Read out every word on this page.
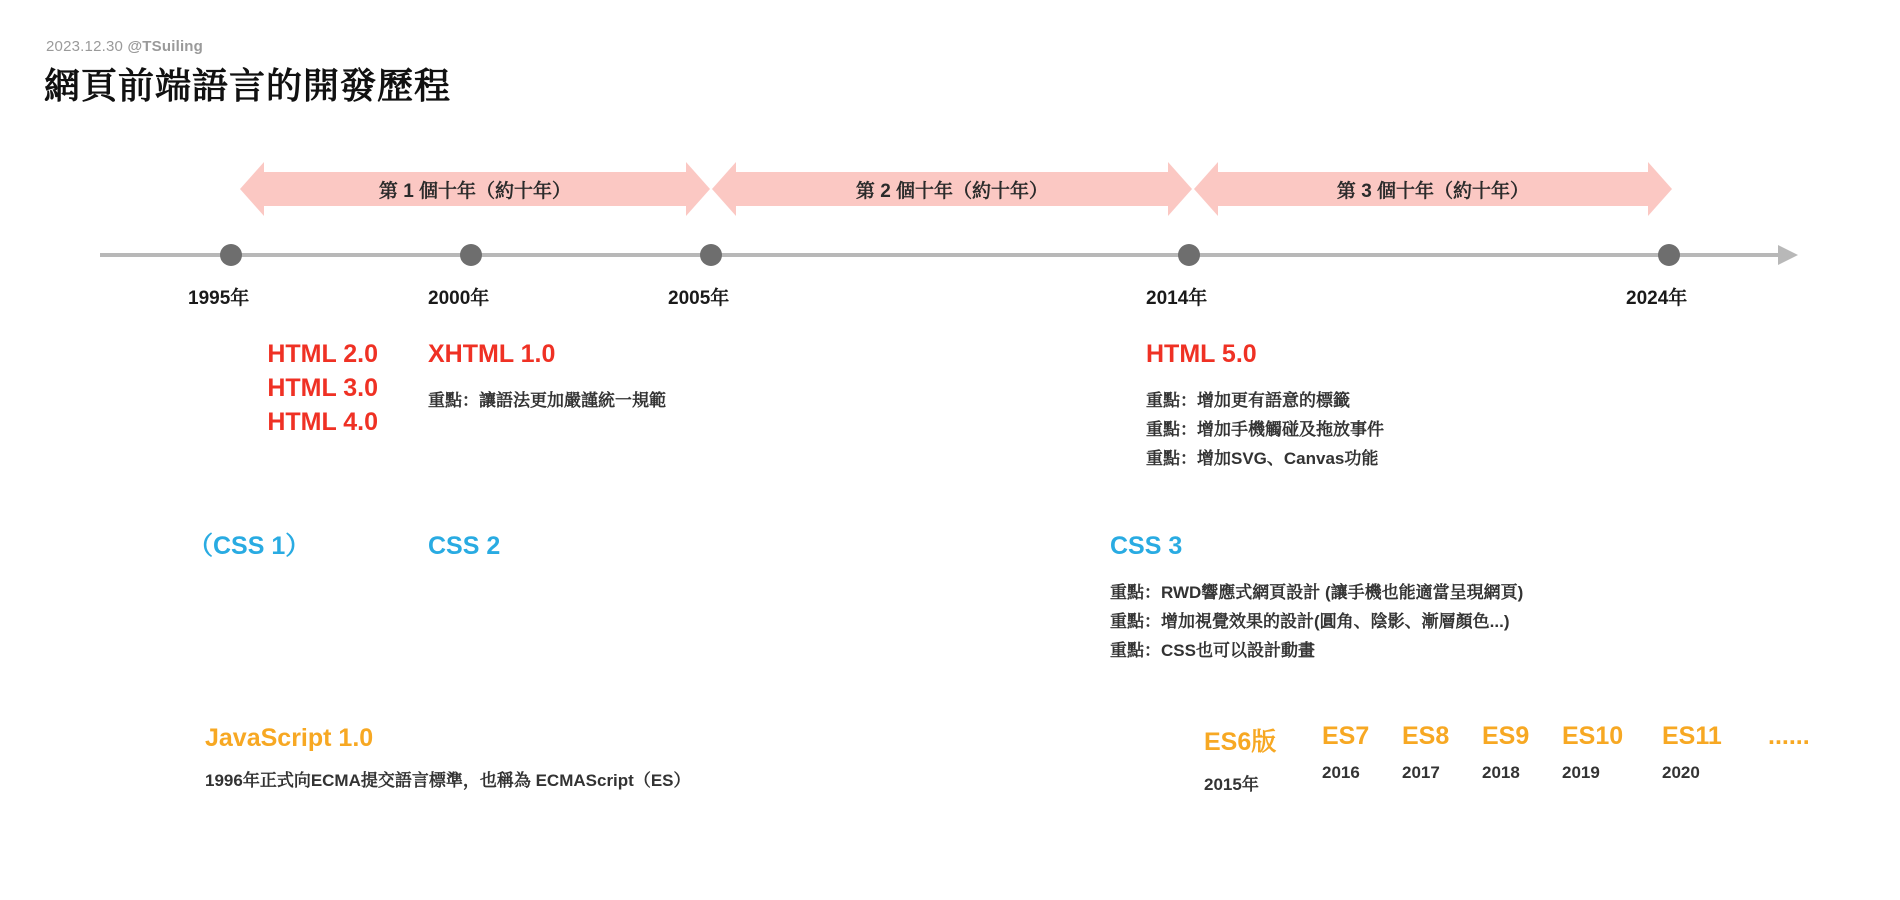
2023.12.30 @TSuiling
網頁前端語言的開發歷程
第 1 個十年（約十年）	第 2 個十年（約十年）	第 3 個十年（約十年）
1995年	2000年	2005年	2014年	2024年
HTML 2.0
HTML 3.0
HTML 4.0
XHTML 1.0
重點：讓語法更加嚴謹統一規範
HTML 5.0
重點：增加更有語意的標籤
重點：增加手機觸碰及拖放事件
重點：增加SVG、Canvas功能
（CSS 1）	CSS 2	CSS 3
重點：RWD響應式網頁設計 (讓手機也能適當呈現網頁)
重點：增加視覺效果的設計(圓角、陰影、漸層顏色...)
重點：CSS也可以設計動畫
JavaScript 1.0
1996年正式向ECMA提交語言標準，也稱為 ECMAScript（ES）
ES6版
2015年
ES7
2016
ES8
2017
ES9
2018
ES10
2019
ES11
2020
......
